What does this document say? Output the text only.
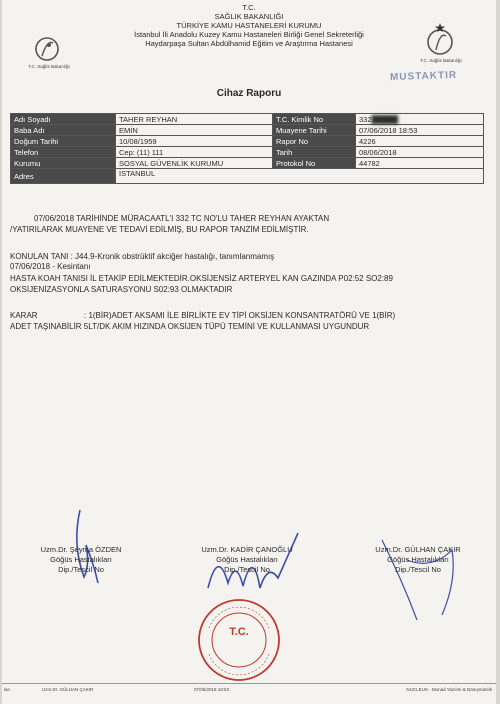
T.C. Sağlık Bakanlığı
T.C.
SAĞLIK BAKANLIĞI
TÜRKİYE KAMU HASTANELERİ KURUMU
İstanbul İli Anadolu Kuzey Kamu Hastaneleri Birliği Genel Sekreterliği
Haydarpaşa Sultan Abdülhamid Eğitim ve Araştırma Hastanesi
T.C. Sağlık Bakanlığı
MUSTAKTIR
Cihaz Raporu
Adı Soyadı	TAHER REYHAN	T.C. Kimlik No	332█████
Baba Adı	EMİN	Muayene Tarihi	07/06/2018 18:53
Doğum Tarihi	10/08/1959	Rapor No	4226
Telefon	Cep: (11) 111	Tarih	08/06/2018
Kurumu	SOSYAL GÜVENLİK KURUMU	Protokol No	44782
Adres	İSTANBUL		
07/06/2018 TARİHİNDE MÜRACAATL'I 332 TC NO'LU TAHER REYHAN AYAKTAN
/YATIRILARAK MUAYENE VE TEDAVİ EDİLMİŞ, BU RAPOR TANZİM EDİLMİŞTİR.
KONULAN TANI : J44.9-Kronik obstrüktif akciğer hastalığı, tanımlanmamış
07/06/2018 - Kesintanı
HASTA KOAH TANISI İL ETAKİP EDİLMEKTEDİR.OKSİJENSİZ ARTERYEL KAN GAZINDA P02:52 SO2:89
OKSİJENİZASYONLA SATURASYONU S02:93 OLMAKTADIR
KARAR	: 1(BİR)ADET AKSAMI İLE BİRLİKTE EV TİPİ OKSİJEN KONSANTRATÖRÜ VE 1(BİR)
ADET TAŞINABİLİR 5LT/DK AKIM HIZINDA OKSİJEN TÜPÜ TEMİNİ VE KULLANMASI UYGUNDUR
Uzm.Dr. Şeyma ÖZDEN
Göğüs Hastalıkları
Dip./Tescil No
Uzm.Dr. KADİR ÇANOĞLU
Göğüs Hastalıkları
Dip./Tescil No
Uzm.Dr. GÜLHAN ÇAKIR
Göğüs Hastalıkları
Dip./Tescil No
T.C.
lan	Uzm.Dr. GÜLHAN ÇAKIR	07/06/2018 18:53	NUCLEUS - Monad Yazılım & Danışmanlık
